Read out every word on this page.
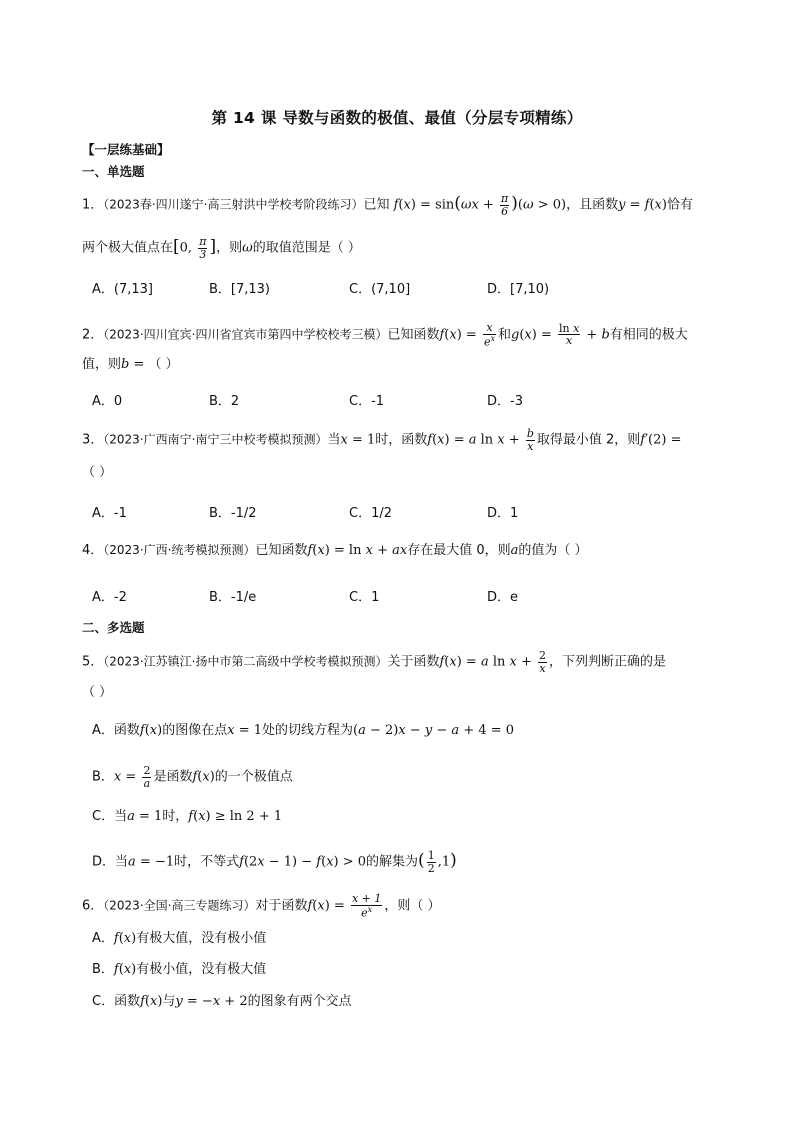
第 14 课 导数与函数的极值、最值（分层专项精练）
【一层练基础】
一、单选题
1．（2023春·四川遂宁·高三射洪中学校考阶段练习）已知 $f(x) = \sin(\omega x + \frac{\pi}{6} )(\omega > 0)$，且函数y = f(x)恰有
两个极大值点在[0, $\frac{\pi}{3}$ ]，则ω的取值范围是（ ）
A．(7,13]	B．[7,13)	C．(7,10]	D．[7,10)
2．（2023·四川宜宾·四川省宜宾市第四中学校校考三模）已知函数$f(x) = \frac{x}{e^x}$ 和$g(x) = \frac{\text{ln x}}{x} + b$有相同的极大
值，则b = （ ）
A．0	B．2	C．-1	D．-3
3．（2023·广西南宁·南宁三中校考模拟预测）当x = 1时，函数f(x) = a $\ln x + \frac{b}{x}$ 取得最小值 2，则f′(2) =
（ ）
A．-1	B．-1/2	C．1/2	D．1
4．（2023·广西·统考模拟预测）已知函数f(x) = ln x + ax存在最大值 0，则a的值为（ ）
A．-2	B．-1/e	C．1	D．e
二、多选题
5．（2023·江苏镇江·扬中市第二高级中学校考模拟预测）关于函数f(x) = a $\ln x + \frac{2}{x}$ ，下列判断正确的是
（ ）
A．函数f(x)的图像在点x = 1处的切线方程为(a − 2)x − y − a + 4 = 0
B．$x = \frac{2}{a}$ 是函数f(x)的一个极值点
C．当a = 1时，f(x) ≥ ln 2 + 1
D．当a = −1时，不等式f(2x − 1) − f(x) > 0的解集为( $\frac{1}{2} ,1$)
6．（2023·全国·高三专题练习）对于函数$f(x) = \frac{x + 1}{e^x}$ ，则（ ）
A．f(x)有极大值，没有极小值
B．f(x)有极小值，没有极大值
C．函数f(x)与y = −x + 2的图象有两个交点
